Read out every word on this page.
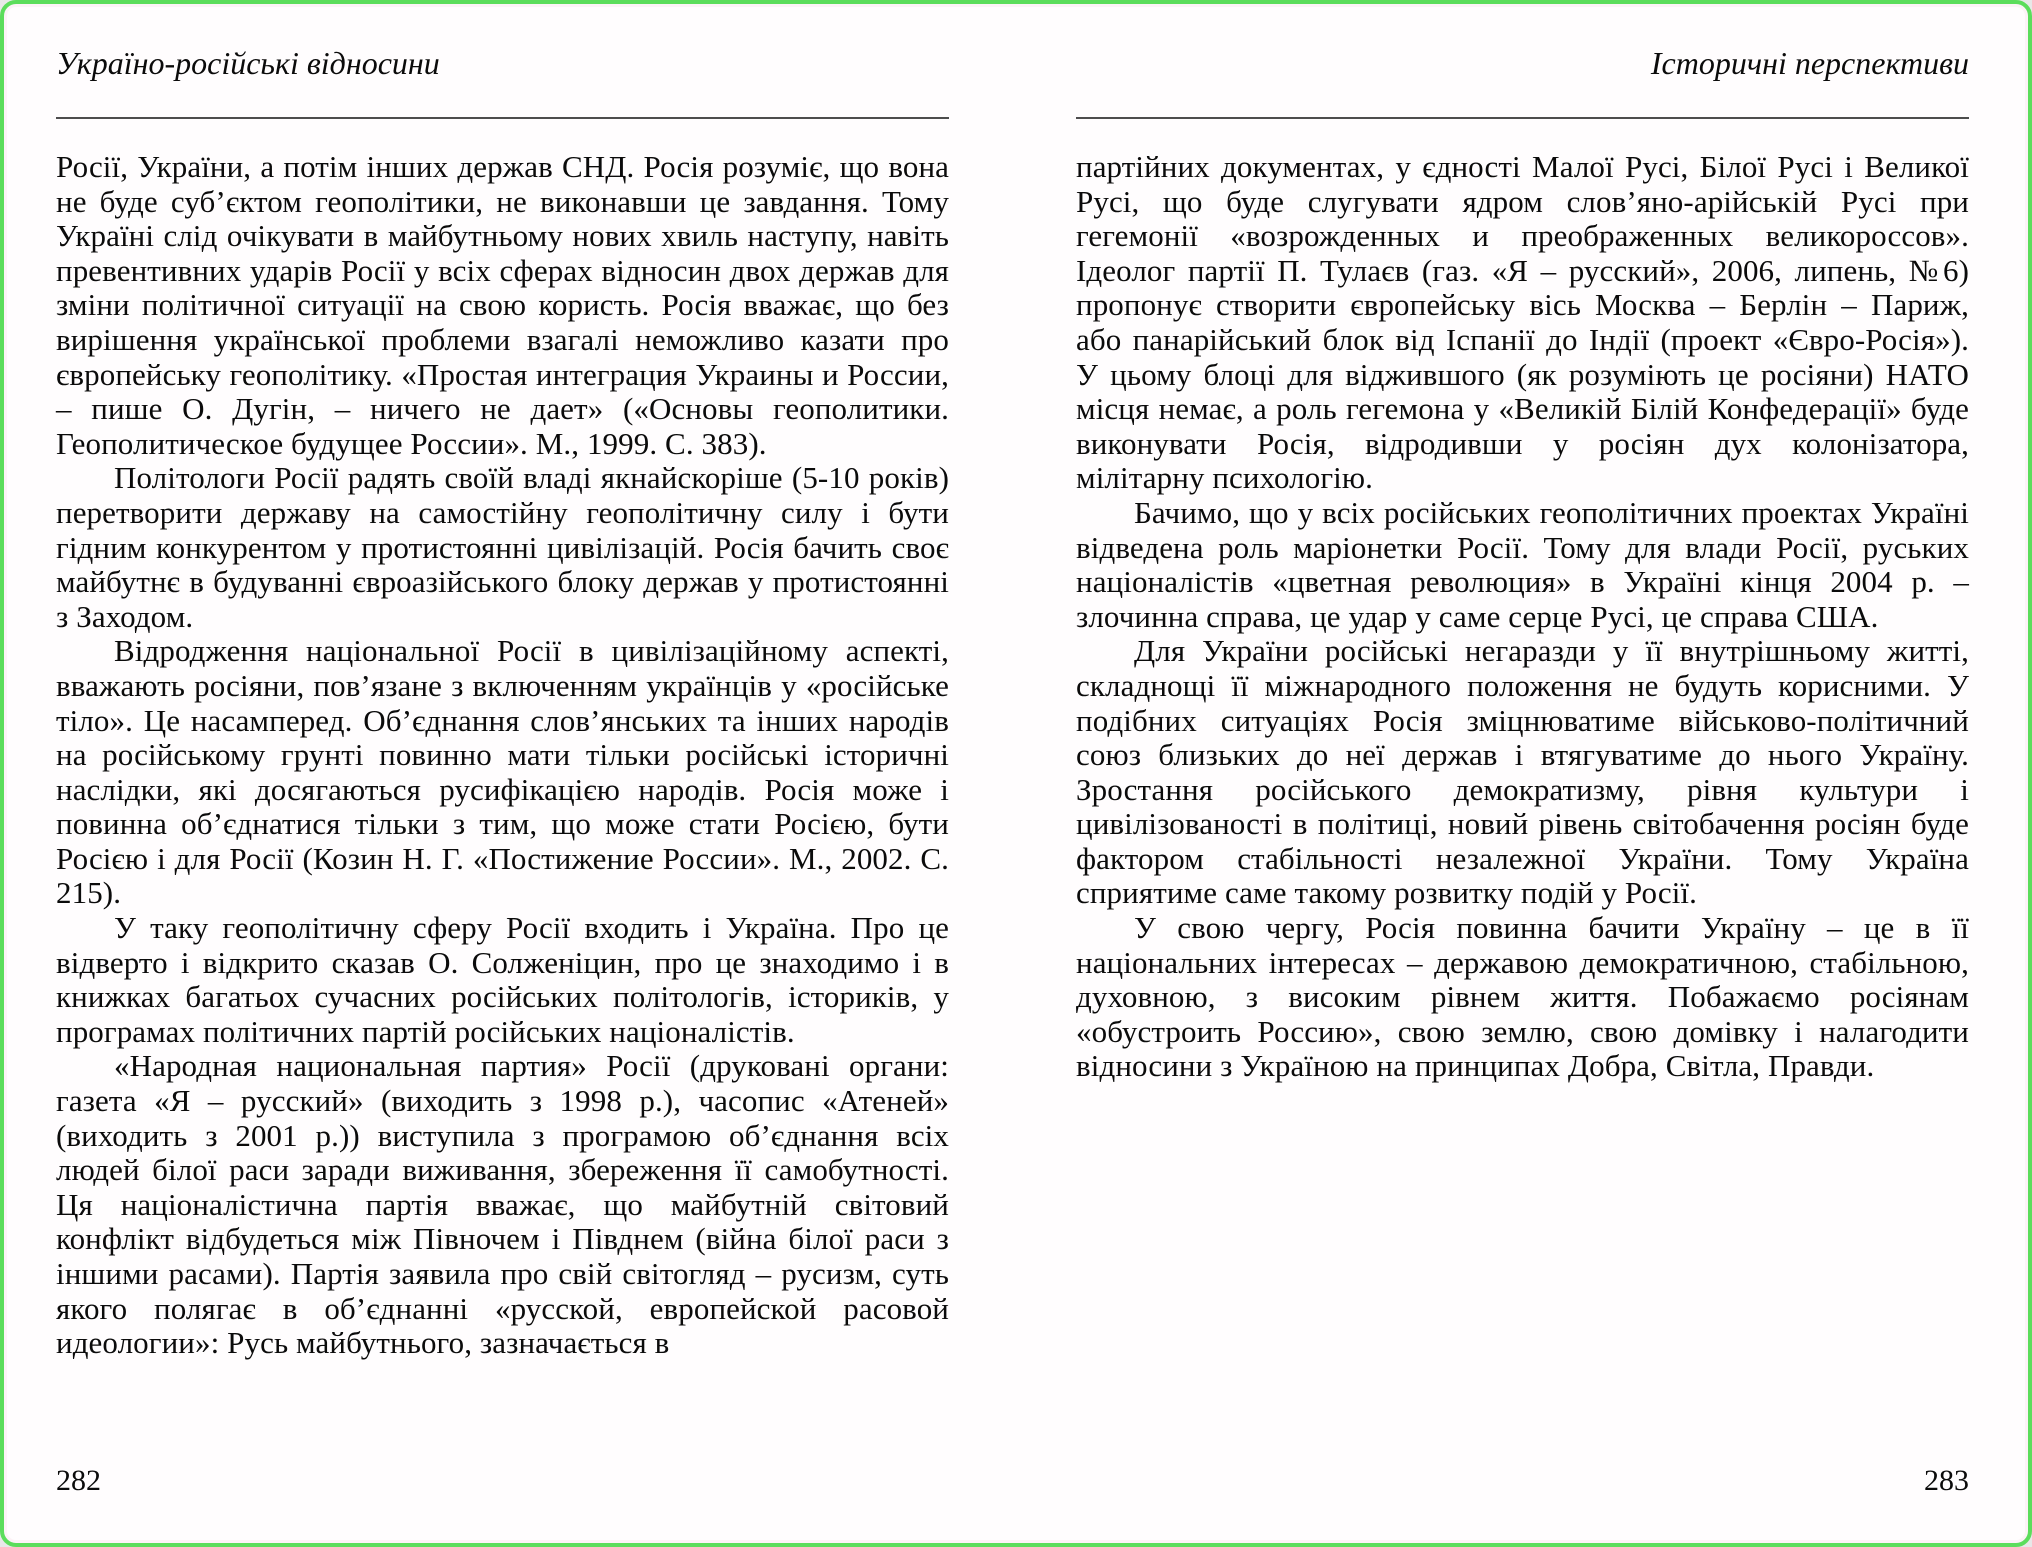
Україно-російські відносини

Росії, України, а потім інших держав СНД. Росія розуміє, що вона не буде суб’єктом геополітики, не виконавши це завдання. Тому Україні слід очікувати в майбутньому нових хвиль наступу, навіть превентивних ударів Росії у всіх сферах відносин двох держав для зміни політичної ситуації на свою користь. Росія вважає, що без вирішення української проблеми взагалі неможливо казати про європейську геополітику. «Простая интеграция Украины и России, – пише О. Дугін, – ничего не дает» («Основы геополитики. Геополитическое будущее России». М., 1999. С. 383).

Політологи Росії радять своїй владі якнайскоріше (5-10 років) перетворити державу на самостійну геополітичну силу і бути гідним конкурентом у протистоянні цивілізацій. Росія бачить своє майбутнє в будуванні євроазійського блоку держав у протистоянні з Заходом.

Відродження національної Росії в цивілізаційному аспекті, вважають росіяни, пов’язане з включенням українців у «російське тіло». Це насамперед. Об’єднання слов’янських та інших народів на російському грунті повинно мати тільки російські історичні наслідки, які досягаються русифікацією народів. Росія може і повинна об’єднатися тільки з тим, що може стати Росією, бути Росією і для Росії (Козин Н. Г. «Постижение России». М., 2002. С. 215).

У таку геополітичну сферу Росії входить і Україна. Про це відверто і відкрито сказав О. Солженіцин, про це знаходимо і в книжках багатьох сучасних російських політологів, істориків, у програмах політичних партій російських націоналістів.

«Народная национальная партия» Росії (друковані органи: газета «Я – русский» (виходить з 1998 р.), часопис «Атеней» (виходить з 2001 р.)) виступила з програмою об’єднання всіх людей білої раси заради виживання, збереження її самобутності. Ця націоналістична партія вважає, що майбутній світовий конфлікт відбудеться між Півночем і Півднем (війна білої раси з іншими расами). Партія заявила про свій світогляд – русизм, суть якого полягає в об’єднанні «русской, европейской расовой идеологии»: Русь майбутнього, зазначається в

282
Історичні перспективи

партійних документах, у єдності Малої Русі, Білої Русі і Великої Русі, що буде слугувати ядром слов’яно-арійській Русі при гегемонії «возрожденных и преображенных великороссов». Ідеолог партії П. Тулаєв (газ. «Я – русский», 2006, липень, №6) пропонує створити європейську вісь Москва – Берлін – Париж, або панарійський блок від Іспанії до Індії (проект «Євро-Росія»). У цьому блоці для віджившого (як розуміють це росіяни) НАТО місця немає, а роль гегемона у «Великій Білій Конфедерації» буде виконувати Росія, відродивши у росіян дух колонізатора, мілітарну психологію.

Бачимо, що у всіх російських геополітичних проектах Україні відведена роль маріонетки Росії. Тому для влади Росії, руських націоналістів «цветная революция» в Україні кінця 2004 р. – злочинна справа, це удар у саме серце Русі, це справа США.

Для України російські негаразди у її внутрішньому житті, складнощі її міжнародного положення не будуть корисними. У подібних ситуаціях Росія зміцнюватиме військово-політичний союз близьких до неї держав і втягуватиме до нього Україну. Зростання російського демократизму, рівня культури і цивілізованості в політиці, новий рівень світобачення росіян буде фактором стабільності незалежної України. Тому Україна сприятиме саме такому розвитку подій у Росії.

У свою чергу, Росія повинна бачити Україну – це в її національних інтересах – державою демократичною, стабільною, духовною, з високим рівнем життя. Побажаємо росіянам «обустроить Россию», свою землю, свою домівку і налагодити відносини з Україною на принципах Добра, Світла, Правди.

283
